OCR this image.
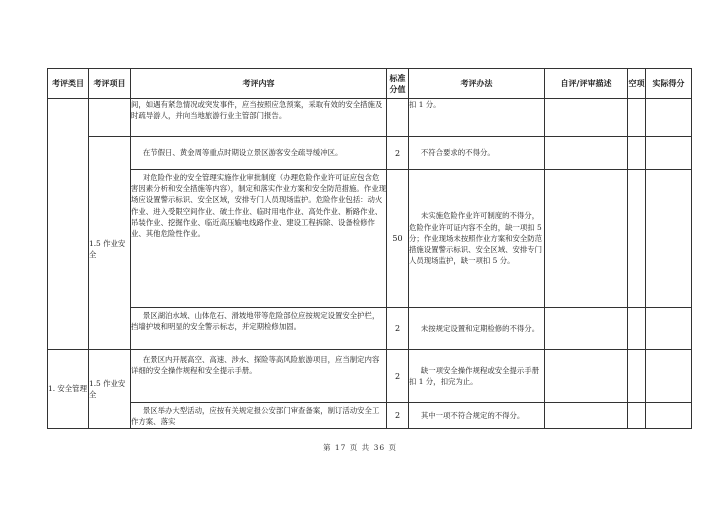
考评类目	考评项目	考评内容	标准分值	考评办法	自评/评审描述	空项	实际得分
		间，如遇有紧急情况或突发事件，应当按照应急预案，采取有效的安全措施及时疏导游人，并向当地旅游行业主管部门报告。		扣 1 分。			
	1.5 作业安全	在节假日、黄金周等重点时期设立景区游客安全疏导缓冲区。	2	不符合要求的不得分。			
		对危险作业的安全管理实施作业审批制度（办理危险作业许可证应包含危害因素分析和安全措施等内容），制定和落实作业方案和安全防范措施。作业现场应设置警示标识、安全区域，安排专门人员现场监护。危险作业包括：动火作业、进入受限空间作业、破土作业、临时用电作业、高处作业、断路作业、吊装作业、挖掘作业、临近高压输电线路作业、建设工程拆除、设备检修作业、其他危险性作业。	50	未实施危险作业许可制度的不得分，危险作业许可证内容不全的，缺一项扣 5 分；作业现场未按照作业方案和安全防范措施设置警示标识、安全区域、安排专门人员现场监护，缺一项扣 5 分。			
		景区湖泊水域、山体危石、滑坡地带等危险部位应按规定设置安全护栏，挡墙护坡和明显的安全警示标志，并定期检修加固。	2	未按规定设置和定期检修的不得分。			
1. 安全管理	1.5 作业安全	在景区内开展高空、高速、涉水、探险等高风险旅游项目，应当制定内容详细的安全操作规程和安全提示手册。	2	缺一项安全操作规程或安全提示手册扣 1 分，扣完为止。			
		景区举办大型活动，应按有关规定报公安部门审查备案，制订活动安全工作方案、落实	2	其中一项不符合规定的不得分。			
第 17 页 共 36 页
